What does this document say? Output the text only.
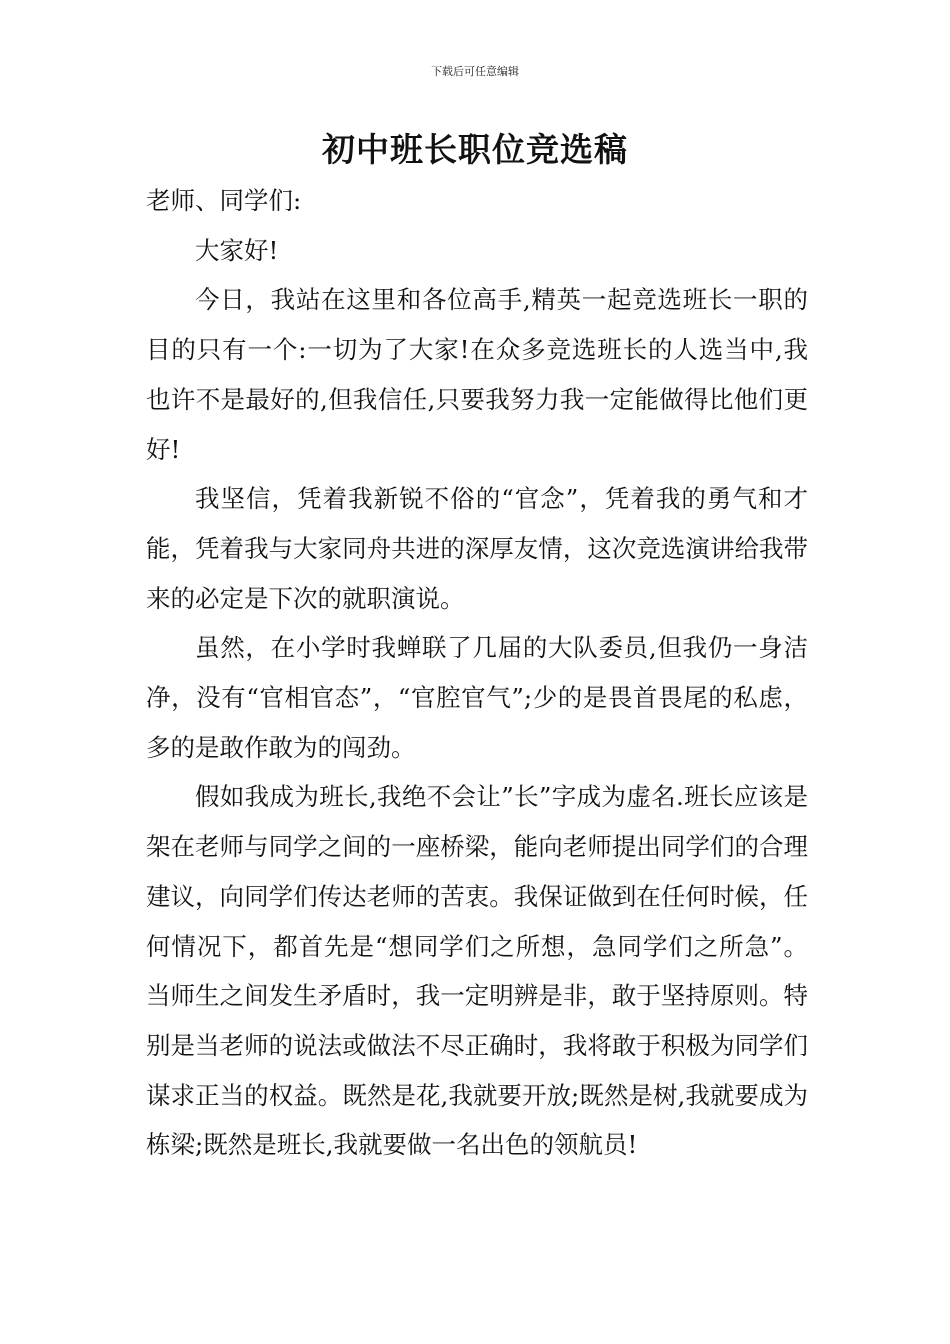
下载后可任意编辑
初中班长职位竞选稿

老师、同学们:

大家好!

今日，我站在这里和各位高手,精英一起竞选班长一职的目的只有一个:一切为了大家!在众多竞选班长的人选当中,我也许不是最好的,但我信任,只要我努力我一定能做得比他们更好!

我坚信，凭着我新锐不俗的“官念”，凭着我的勇气和才能，凭着我与大家同舟共进的深厚友情，这次竞选演讲给我带来的必定是下次的就职演说。

虽然，在小学时我蝉联了几届的大队委员,但我仍一身洁净，没有“官相官态”，“官腔官气”;少的是畏首畏尾的私虑，多的是敢作敢为的闯劲。

假如我成为班长,我绝不会让”长”字成为虚名.班长应该是架在老师与同学之间的一座桥梁，能向老师提出同学们的合理建议，向同学们传达老师的苦衷。我保证做到在任何时候，任何情况下，都首先是“想同学们之所想，急同学们之所急”。当师生之间发生矛盾时，我一定明辨是非，敢于坚持原则。特别是当老师的说法或做法不尽正确时，我将敢于积极为同学们谋求正当的权益。既然是花,我就要开放;既然是树,我就要成为栋梁;既然是班长,我就要做一名出色的领航员!
